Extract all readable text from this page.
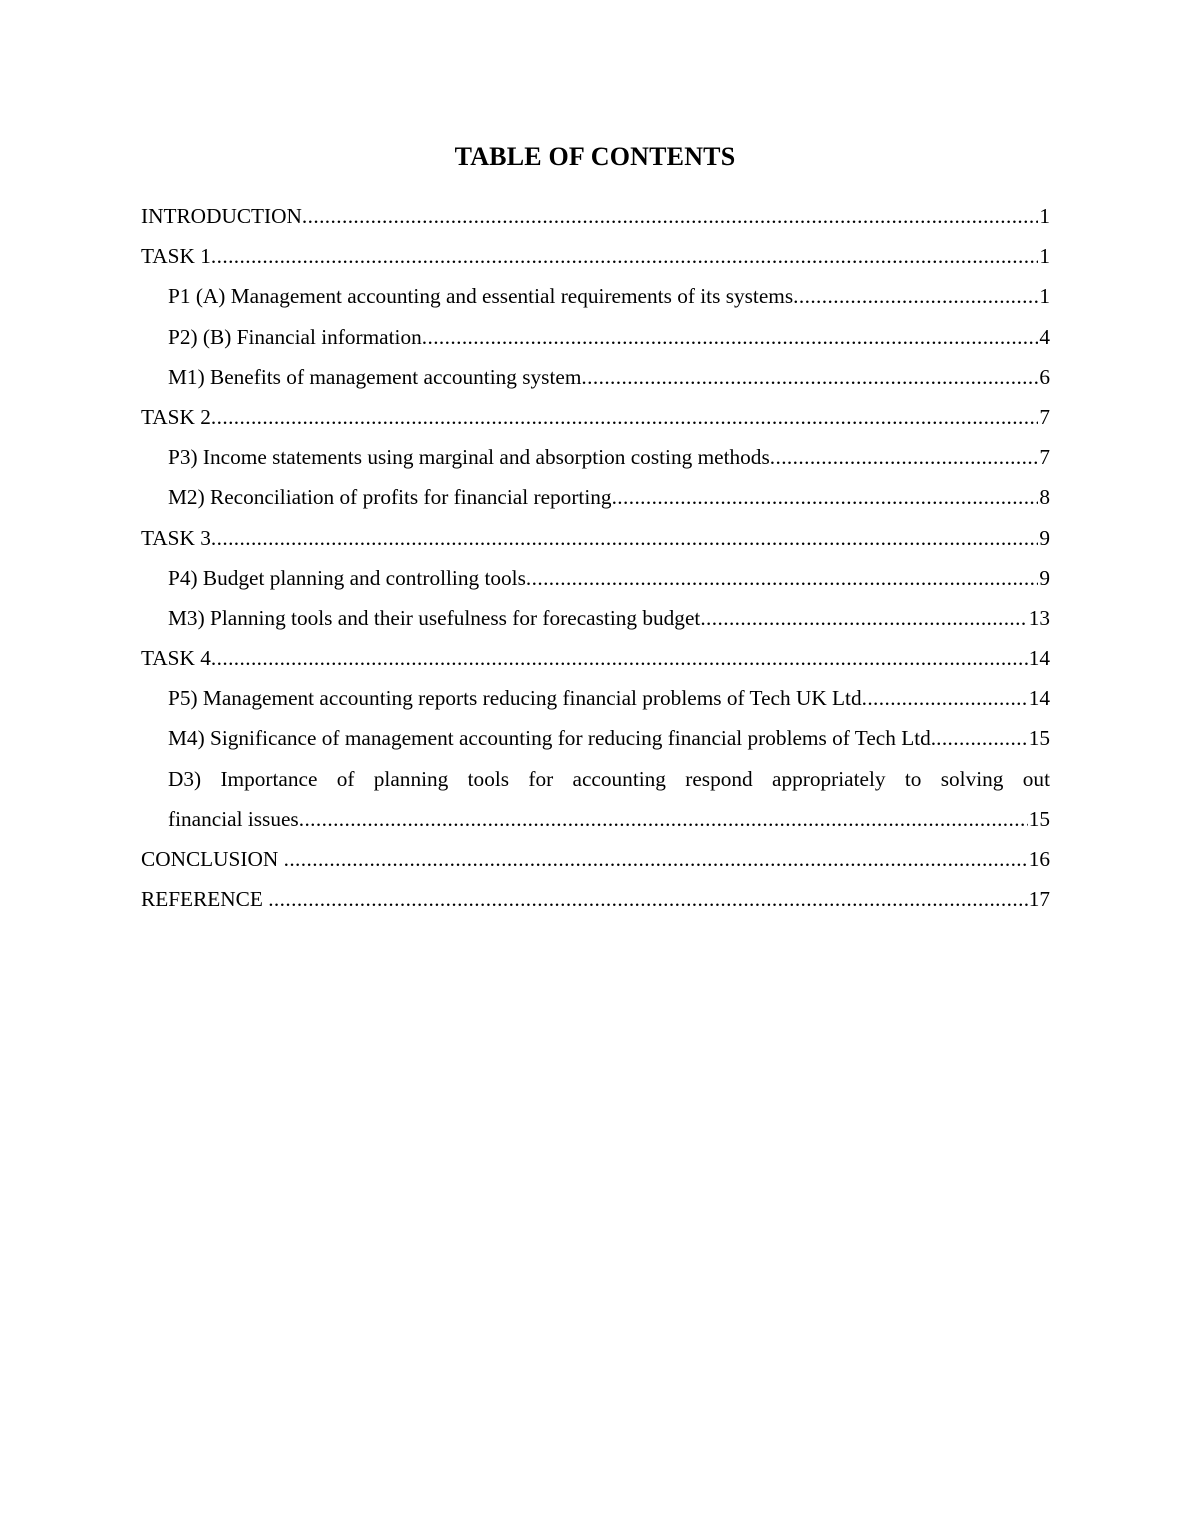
TABLE OF CONTENTS
INTRODUCTION .....	1
TASK 1 .....	1
P1 (A) Management accounting and essential requirements of its systems .....	1
P2) (B) Financial information .....	4
M1) Benefits of management accounting system .....	6
TASK 2 .....	7
P3) Income statements using marginal and absorption costing methods .....	7
M2) Reconciliation of profits for financial reporting .....	8
TASK 3 .....	9
P4) Budget planning and controlling tools .....	9
M3) Planning tools and their usefulness for forecasting budget .....	13
TASK 4 .....	14
P5) Management accounting reports reducing financial problems of Tech UK Ltd .....	14
M4) Significance of management accounting for reducing financial problems of Tech Ltd. .....	15
D3) Importance of planning tools for accounting respond appropriately to solving out
financial issues .....	15
CONCLUSION .....	16
REFERENCE .....	17
